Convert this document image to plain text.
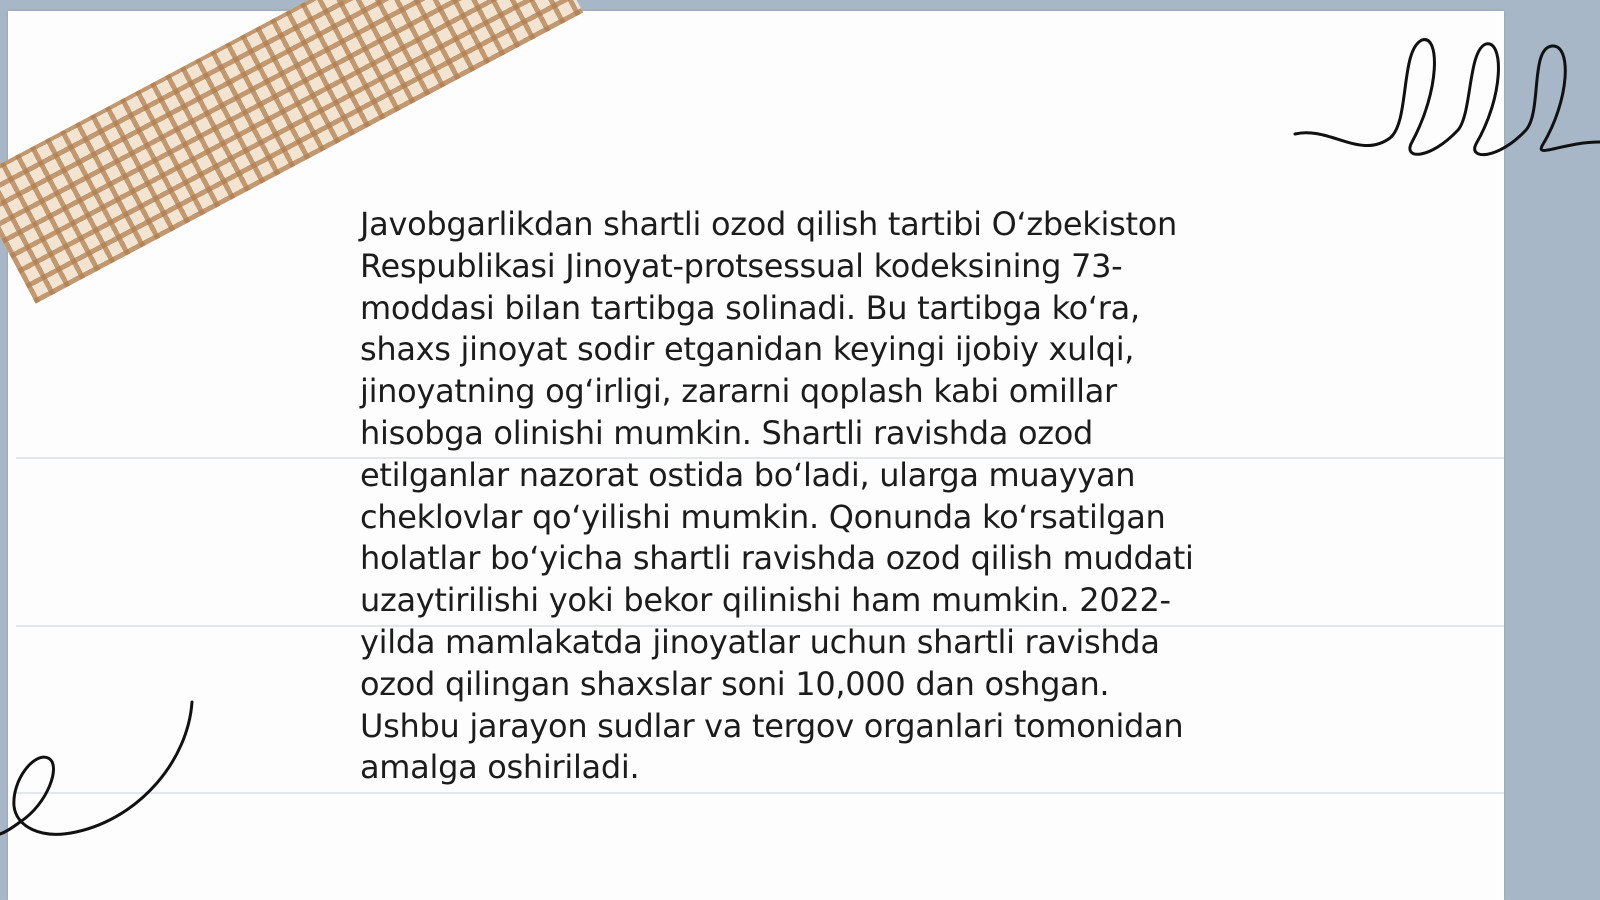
Javobgarlikdan shartli ozod qilish tartibi O‘zbekiston
Respublikasi Jinoyat-protsessual kodeksining 73-
moddasi bilan tartibga solinadi. Bu tartibga ko‘ra,
shaxs jinoyat sodir etganidan keyingi ijobiy xulqi,
jinoyatning og‘irligi, zararni qoplash kabi omillar
hisobga olinishi mumkin. Shartli ravishda ozod
etilganlar nazorat ostida bo‘ladi, ularga muayyan
cheklovlar qo‘yilishi mumkin. Qonunda ko‘rsatilgan
holatlar bo‘yicha shartli ravishda ozod qilish muddati
uzaytirilishi yoki bekor qilinishi ham mumkin. 2022-
yilda mamlakatda jinoyatlar uchun shartli ravishda
ozod qilingan shaxslar soni 10,000 dan oshgan.
Ushbu jarayon sudlar va tergov organlari tomonidan
amalga oshiriladi.
